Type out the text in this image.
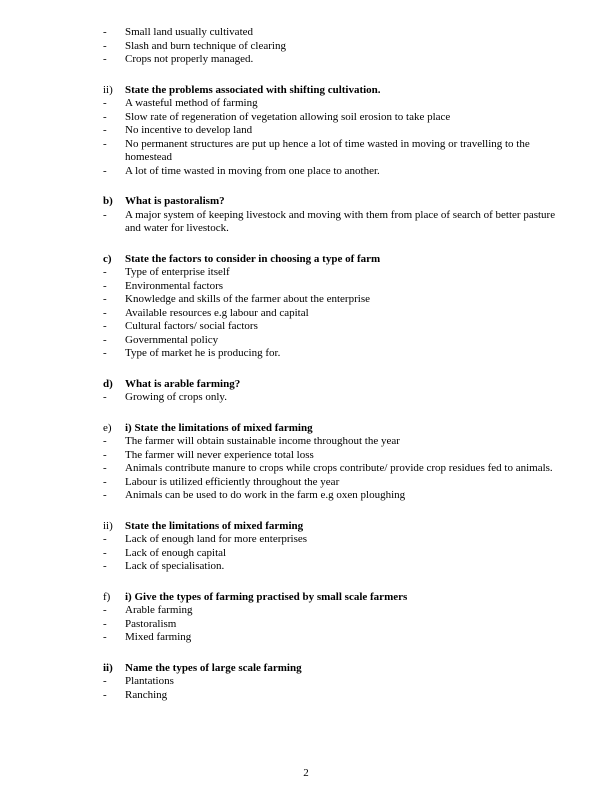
-	Small land usually cultivated
-	Slash and burn technique of clearing
-	Crops not properly managed.
ii)	State the problems associated with shifting cultivation.
-	A wasteful method of farming
-	Slow rate of regeneration of vegetation allowing soil erosion to take place
-	No incentive to develop land
-	No permanent structures are put up hence a lot of time wasted in moving or travelling to the homestead
-	A lot of time wasted in moving from one place to another.
b)	What is pastoralism?
-	A major system of keeping livestock and moving with them from place of search of better pasture and water for livestock.
c)	State the factors to consider in choosing a type of farm
-	Type of enterprise itself
-	Environmental factors
-	Knowledge and skills of the farmer about the enterprise
-	Available resources e.g labour and capital
-	Cultural factors/ social factors
-	Governmental policy
-	Type of market he is producing for.
d)	What is arable farming?
-	Growing of crops only.
e)	i) State the limitations of mixed farming
-	The farmer will obtain sustainable income throughout the year
-	The farmer will never experience total loss
-	Animals contribute manure to crops while crops contribute/ provide crop residues fed to animals.
-	Labour is utilized efficiently throughout the year
-	Animals can be used to do work in the farm e.g oxen ploughing
ii)	State the limitations of mixed farming
-	Lack of enough land for more enterprises
-	Lack of enough capital
-	Lack of specialisation.
f)	i) Give the types of farming practised by small scale farmers
-	Arable farming
-	Pastoralism
-	Mixed farming
ii)	Name the types of large scale farming
-	Plantations
-	Ranching
2
